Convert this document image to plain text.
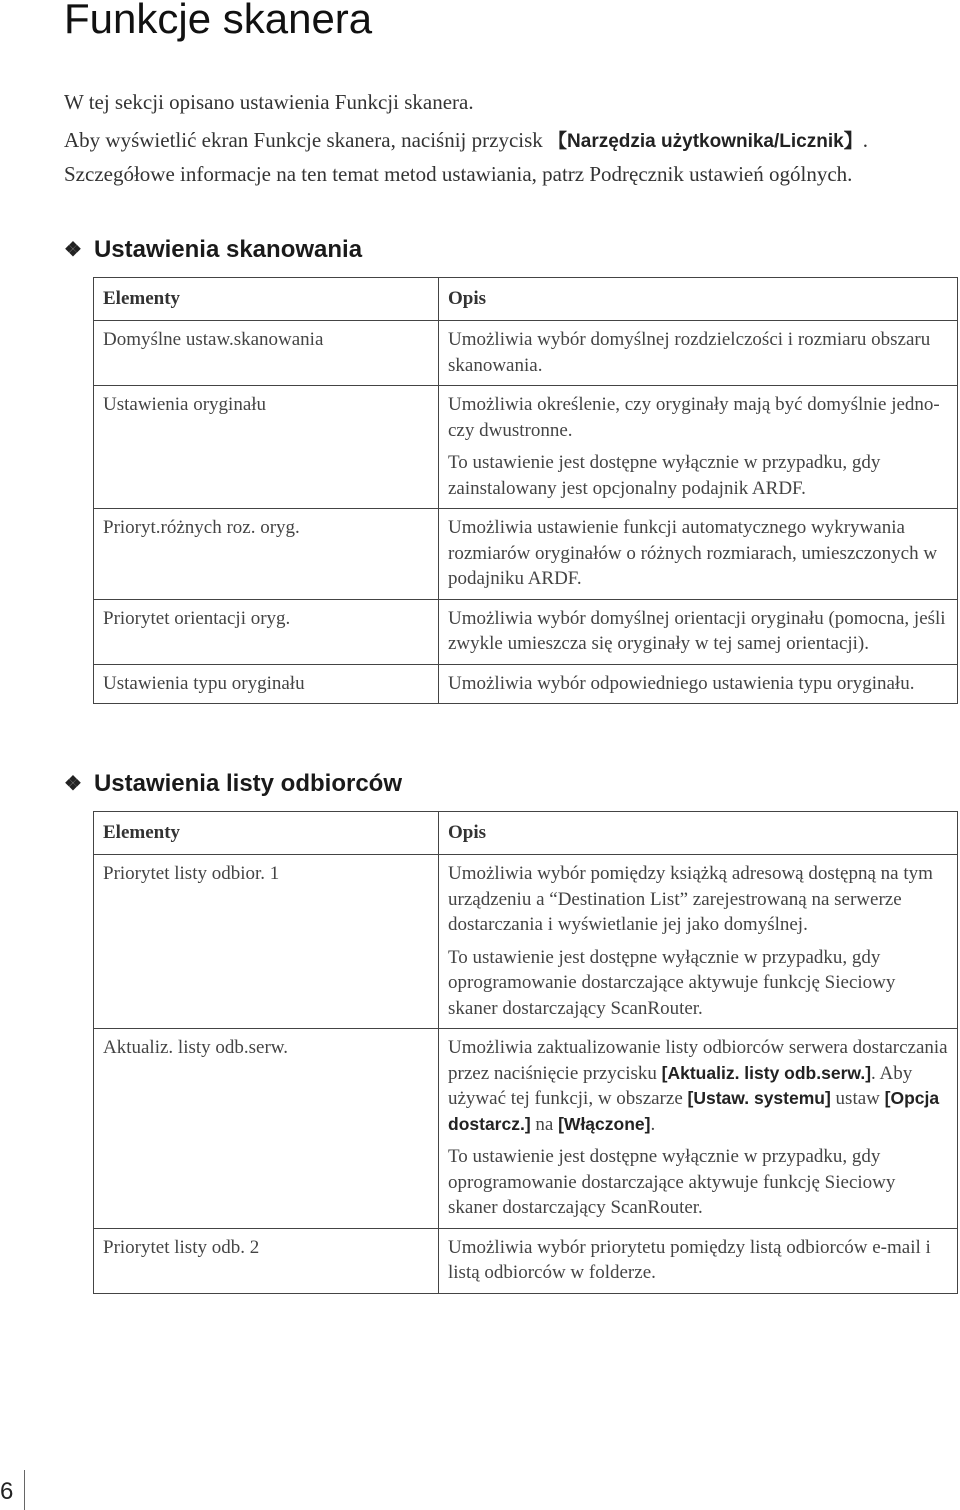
Funkcje skanera

W tej sekcji opisano ustawienia Funkcji skanera.

Aby wyświetlić ekran Funkcje skanera, naciśnij przycisk 【Narzędzia użytkownika/Licznik】. Szczegółowe informacje na ten temat metod ustawiania, patrz Podręcznik ustawień ogólnych.

❖ Ustawienia skanowania
Elementy	Opis
Domyślne ustaw.skanowania	Umożliwia wybór domyślnej rozdzielczości i rozmiaru obszaru skanowania.

Ustawienia oryginału	Umożliwia określenie, czy oryginały mają być domyślnie jedno- czy dwustronne.

To ustawienie jest dostępne wyłącznie w przypadku, gdy zainstalowany jest opcjonalny podajnik ARDF.

Prioryt.różnych roz. oryg.	Umożliwia ustawienie funkcji automatycznego wykrywania rozmiarów oryginałów o różnych rozmiarach, umieszczonych w podajniku ARDF.

Priorytet orientacji oryg.	Umożliwia wybór domyślnej orientacji oryginału (pomocna, jeśli zwykle umieszcza się oryginały w tej samej orientacji).

Ustawienia typu oryginału	Umożliwia wybór odpowiedniego ustawienia typu oryginału.

❖ Ustawienia listy odbiorców
Elementy	Opis
Priorytet listy odbior. 1	Umożliwia wybór pomiędzy książką adresową dostępną na tym urządzeniu a “Destination List” zarejestrowaną na serwerze dostarczania i wyświetlanie jej jako domyślnej.

To ustawienie jest dostępne wyłącznie w przypadku, gdy oprogramowanie dostarczające aktywuje funkcję Sieciowy skaner dostarczający ScanRouter.

Aktualiz. listy odb.serw.	Umożliwia zaktualizowanie listy odbiorców serwera dostarczania przez naciśnięcie przycisku [Aktualiz. listy odb.serw.]. Aby używać tej funkcji, w obszarze [Ustaw. systemu] ustaw [Opcja dostarcz.] na [Włączone].

To ustawienie jest dostępne wyłącznie w przypadku, gdy oprogramowanie dostarczające aktywuje funkcję Sieciowy skaner dostarczający ScanRouter.

Priorytet listy odb. 2	Umożliwia wybór priorytetu pomiędzy listą odbiorców e-mail i listą odbiorców w folderze.

6
